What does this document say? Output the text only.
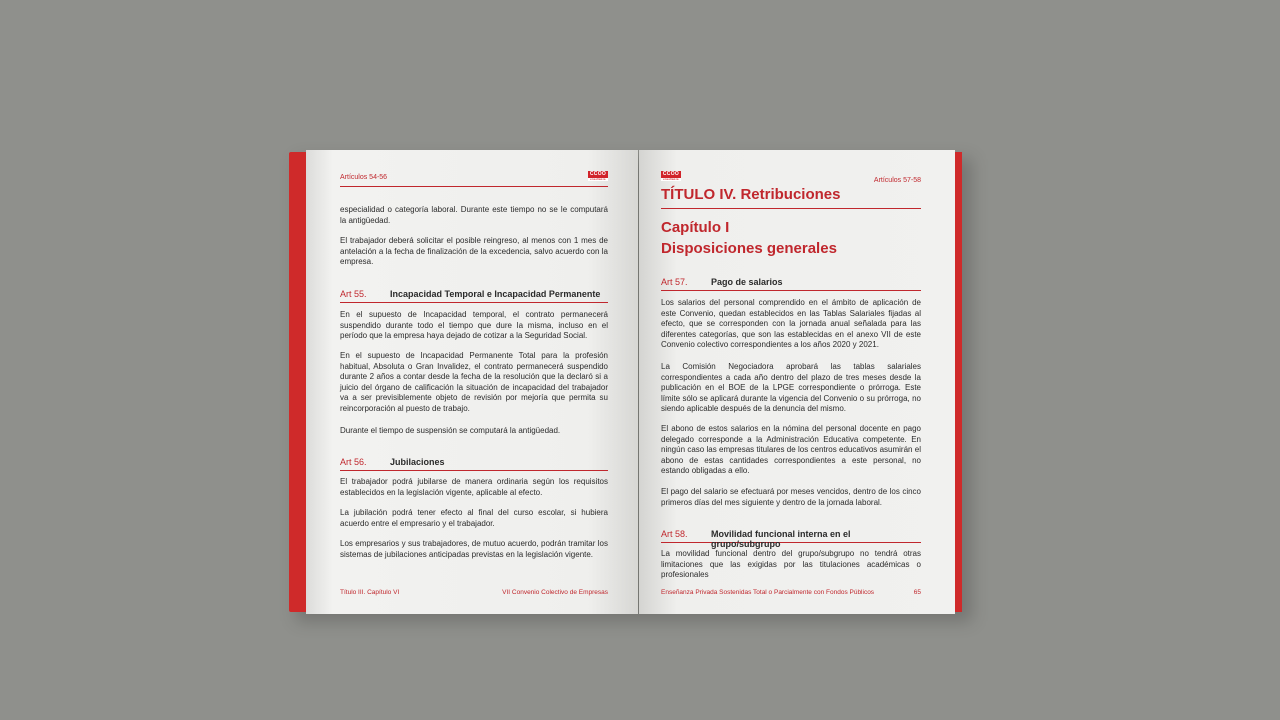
Artículos 54-56	CCOO
enseñanza
especialidad o categoría laboral. Durante este tiempo no se le computará la antigüedad.
El trabajador deberá solicitar el posible reingreso, al menos con 1 mes de antelación a la fecha de finalización de la excedencia, salvo acuerdo con la empresa.
Art 55.	Incapacidad Temporal e Incapacidad Permanente
En el supuesto de Incapacidad temporal, el contrato permanecerá suspendido durante todo el tiempo que dure la misma, incluso en el período que la empresa haya dejado de cotizar a la Seguridad Social.
En el supuesto de Incapacidad Permanente Total para la profesión habitual, Absoluta o Gran Invalidez, el contrato permanecerá suspendido durante 2 años a contar desde la fecha de la resolución que la declaró si a juicio del órgano de calificación la situación de incapacidad del trabajador va a ser previsiblemente objeto de revisión por mejoría que permita su reincorporación al puesto de trabajo.
Durante el tiempo de suspensión se computará la antigüedad.
Art 56.	Jubilaciones
El trabajador podrá jubilarse de manera ordinaria según los requisitos establecidos en la legislación vigente, aplicable al efecto.
La jubilación podrá tener efecto al final del curso escolar, si hubiera acuerdo entre el empresario y el trabajador.
Los empresarios y sus trabajadores, de mutuo acuerdo, podrán tramitar los sistemas de jubilaciones anticipadas previstas en la legislación vigente.
Título III. Capítulo VI	VII Convenio Colectivo de Empresas
CCOO
enseñanza	Artículos 57-58
TÍTULO IV. Retribuciones
Capítulo I
Disposiciones generales
Art 57.	Pago de salarios
Los salarios del personal comprendido en el ámbito de aplicación de este Convenio, quedan establecidos en las Tablas Salariales fijadas al efecto, que se corresponden con la jornada anual señalada para las diferentes categorías, que son las establecidas en el anexo VII de este Convenio colectivo correspondientes a los años 2020 y 2021.
La Comisión Negociadora aprobará las tablas salariales correspondientes a cada año dentro del plazo de tres meses desde la publicación en el BOE de la LPGE correspondiente o prórroga. Este límite sólo se aplicará durante la vigencia del Convenio o su prórroga, no siendo aplicable después de la denuncia del mismo.
El abono de estos salarios en la nómina del personal docente en pago delegado corresponde a la Administración Educativa competente. En ningún caso las empresas titulares de los centros educativos asumirán el abono de estas cantidades correspondientes a este personal, no estando obligadas a ello.
El pago del salario se efectuará por meses vencidos, dentro de los cinco primeros días del mes siguiente y dentro de la jornada laboral.
Art 58.	Movilidad funcional interna en el grupo/subgrupo
La movilidad funcional dentro del grupo/subgrupo no tendrá otras limitaciones que las exigidas por las titulaciones académicas o profesionales
Enseñanza Privada Sostenidas Total o Parcialmente con Fondos Públicos	65
